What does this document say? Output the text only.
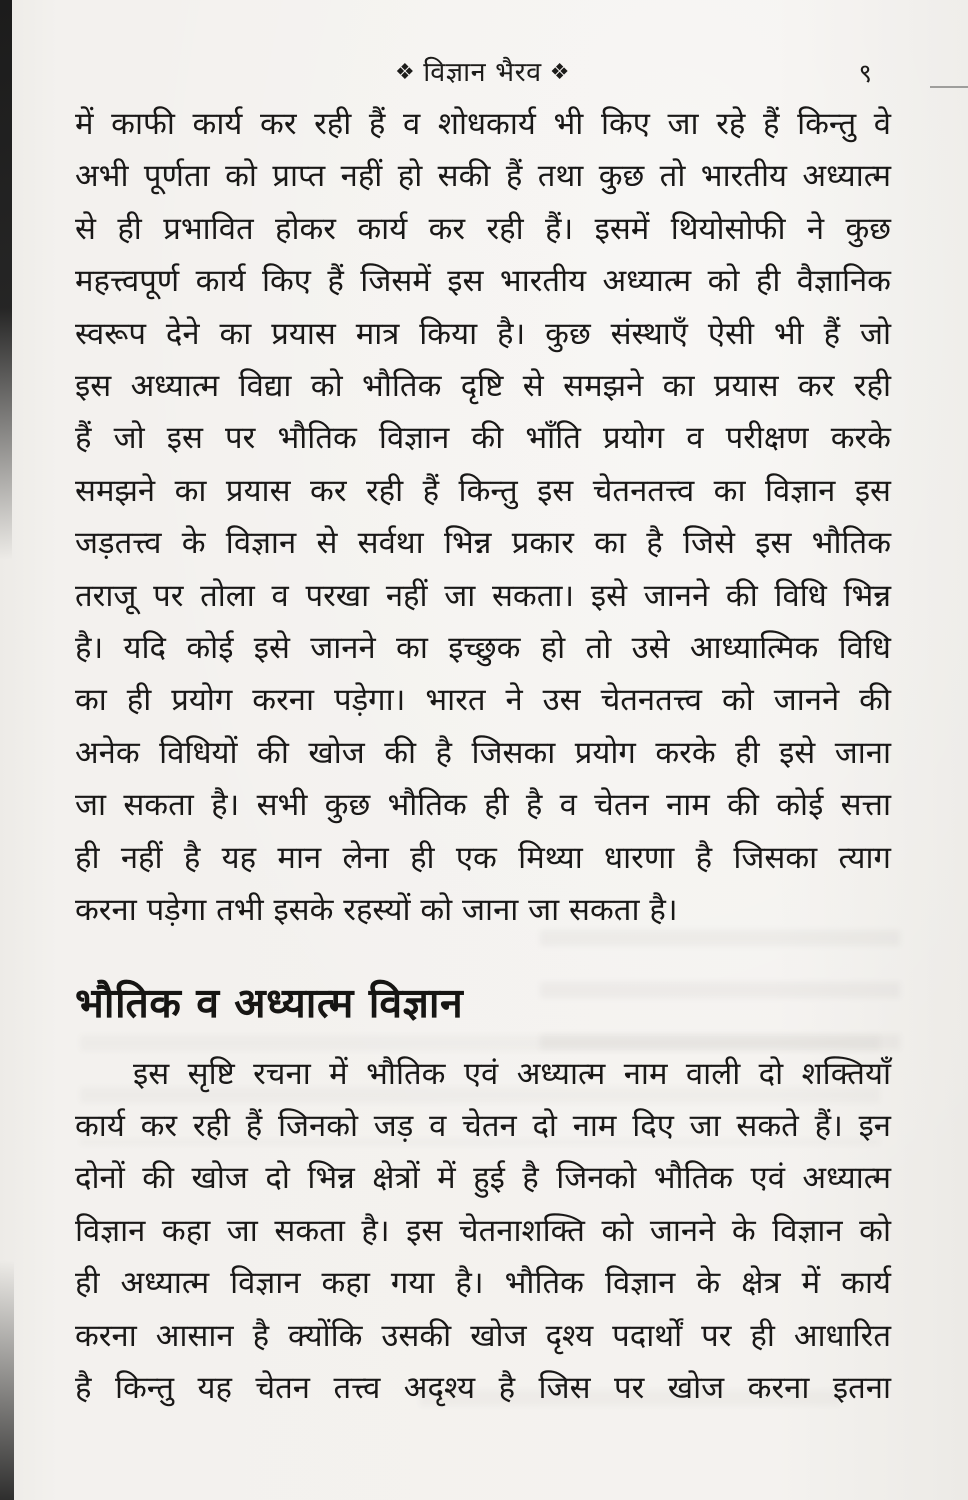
❖ विज्ञान भैरव ❖	९
में काफी कार्य कर रही हैं व शोधकार्य भी किए जा रहे हैं किन्तु वे
अभी पूर्णता को प्राप्त नहीं हो सकी हैं तथा कुछ तो भारतीय अध्यात्म
से ही प्रभावित होकर कार्य कर रही हैं। इसमें थियोसोफी ने कुछ
महत्त्वपूर्ण कार्य किए हैं जिसमें इस भारतीय अध्यात्म को ही वैज्ञानिक
स्वरूप देने का प्रयास मात्र किया है। कुछ संस्थाएँ ऐसी भी हैं जो
इस अध्यात्म विद्या को भौतिक दृष्टि से समझने का प्रयास कर रही
हैं जो इस पर भौतिक विज्ञान की भाँति प्रयोग व परीक्षण करके
समझने का प्रयास कर रही हैं किन्तु इस चेतनतत्त्व का विज्ञान इस
जड़तत्त्व के विज्ञान से सर्वथा भिन्न प्रकार का है जिसे इस भौतिक
तराजू पर तोला व परखा नहीं जा सकता। इसे जानने की विधि भिन्न
है। यदि कोई इसे जानने का इच्छुक हो तो उसे आध्यात्मिक विधि
का ही प्रयोग करना पड़ेगा। भारत ने उस चेतनतत्त्व को जानने की
अनेक विधियों की खोज की है जिसका प्रयोग करके ही इसे जाना
जा सकता है। सभी कुछ भौतिक ही है व चेतन नाम की कोई सत्ता
ही नहीं है यह मान लेना ही एक मिथ्या धारणा है जिसका त्याग
करना पड़ेगा तभी इसके रहस्यों को जाना जा सकता है।
भौतिक व अध्यात्म विज्ञान
इस सृष्टि रचना में भौतिक एवं अध्यात्म नाम वाली दो शक्तियाँ
कार्य कर रही हैं जिनको जड़ व चेतन दो नाम दिए जा सकते हैं। इन
दोनों की खोज दो भिन्न क्षेत्रों में हुई है जिनको भौतिक एवं अध्यात्म
विज्ञान कहा जा सकता है। इस चेतनाशक्ति को जानने के विज्ञान को
ही अध्यात्म विज्ञान कहा गया है। भौतिक विज्ञान के क्षेत्र में कार्य
करना आसान है क्योंकि उसकी खोज दृश्य पदार्थों पर ही आधारित
है किन्तु यह चेतन तत्त्व अदृश्य है जिस पर खोज करना इतना
